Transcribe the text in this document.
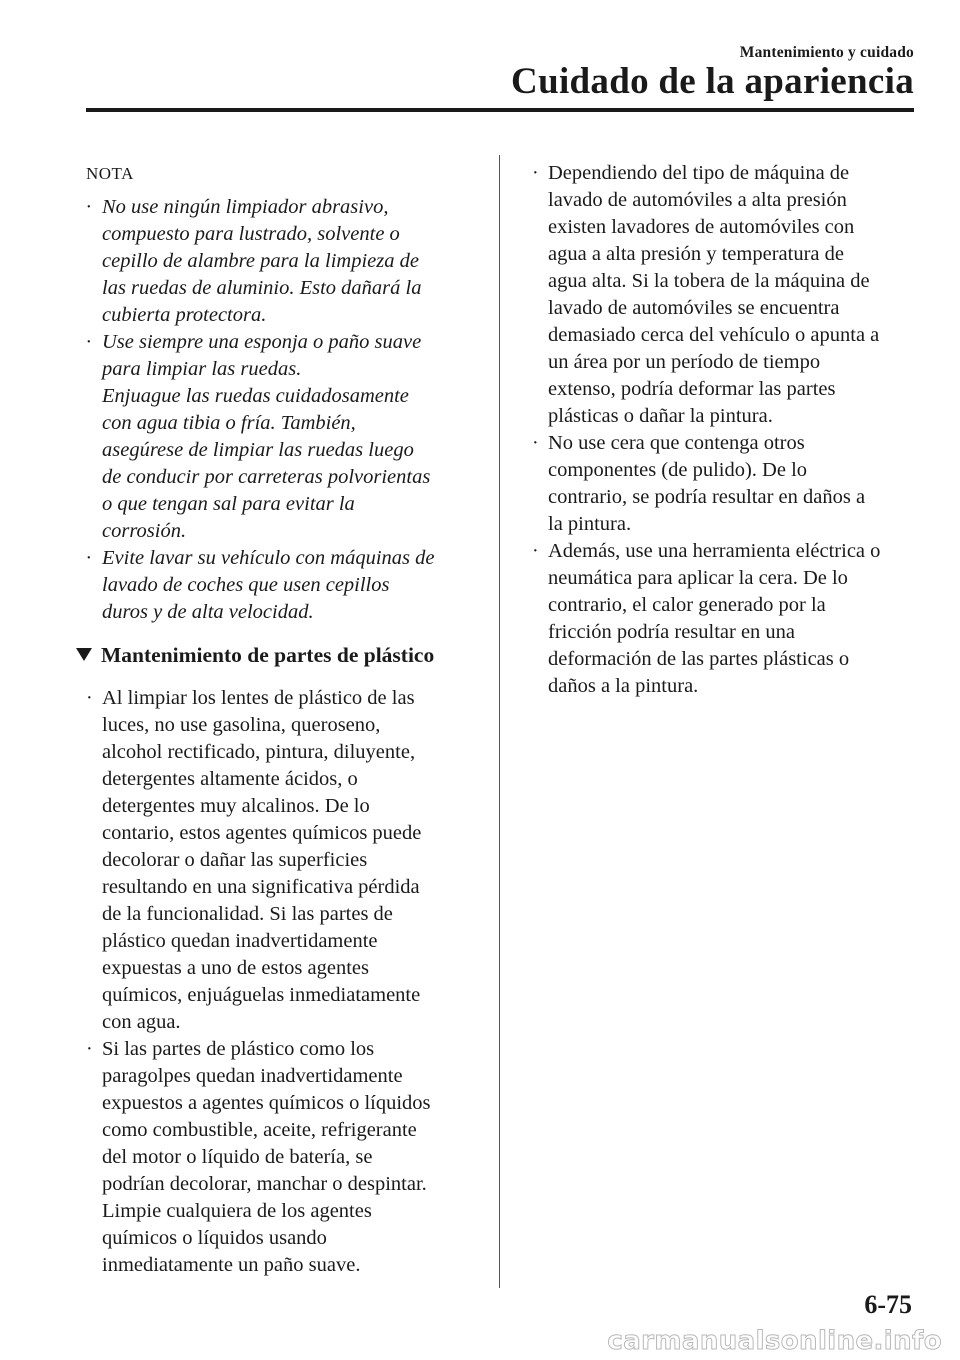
Mantenimiento y cuidado
Cuidado de la apariencia
NOTA
· No use ningún limpiador abrasivo,
compuesto para lustrado, solvente o
cepillo de alambre para la limpieza de
las ruedas de aluminio. Esto dañará la
cubierta protectora.
· Use siempre una esponja o paño suave
para limpiar las ruedas.
Enjuague las ruedas cuidadosamente
con agua tibia o fría. También,
asegúrese de limpiar las ruedas luego
de conducir por carreteras polvorientas
o que tengan sal para evitar la
corrosión.
· Evite lavar su vehículo con máquinas de
lavado de coches que usen cepillos
duros y de alta velocidad.
Mantenimiento de partes de plástico
· Al limpiar los lentes de plástico de las
luces, no use gasolina, queroseno,
alcohol rectificado, pintura, diluyente,
detergentes altamente ácidos, o
detergentes muy alcalinos. De lo
contario, estos agentes químicos puede
decolorar o dañar las superficies
resultando en una significativa pérdida
de la funcionalidad. Si las partes de
plástico quedan inadvertidamente
expuestas a uno de estos agentes
químicos, enjuáguelas inmediatamente
con agua.
· Si las partes de plástico como los
paragolpes quedan inadvertidamente
expuestos a agentes químicos o líquidos
como combustible, aceite, refrigerante
del motor o líquido de batería, se
podrían decolorar, manchar o despintar.
Limpie cualquiera de los agentes
químicos o líquidos usando
inmediatamente un paño suave.
· Dependiendo del tipo de máquina de
lavado de automóviles a alta presión
existen lavadores de automóviles con
agua a alta presión y temperatura de
agua alta. Si la tobera de la máquina de
lavado de automóviles se encuentra
demasiado cerca del vehículo o apunta a
un área por un período de tiempo
extenso, podría deformar las partes
plásticas o dañar la pintura.
· No use cera que contenga otros
componentes (de pulido). De lo
contrario, se podría resultar en daños a
la pintura.
· Además, use una herramienta eléctrica o
neumática para aplicar la cera. De lo
contrario, el calor generado por la
fricción podría resultar en una
deformación de las partes plásticas o
daños a la pintura.
6-75
carmanualsonline.info
